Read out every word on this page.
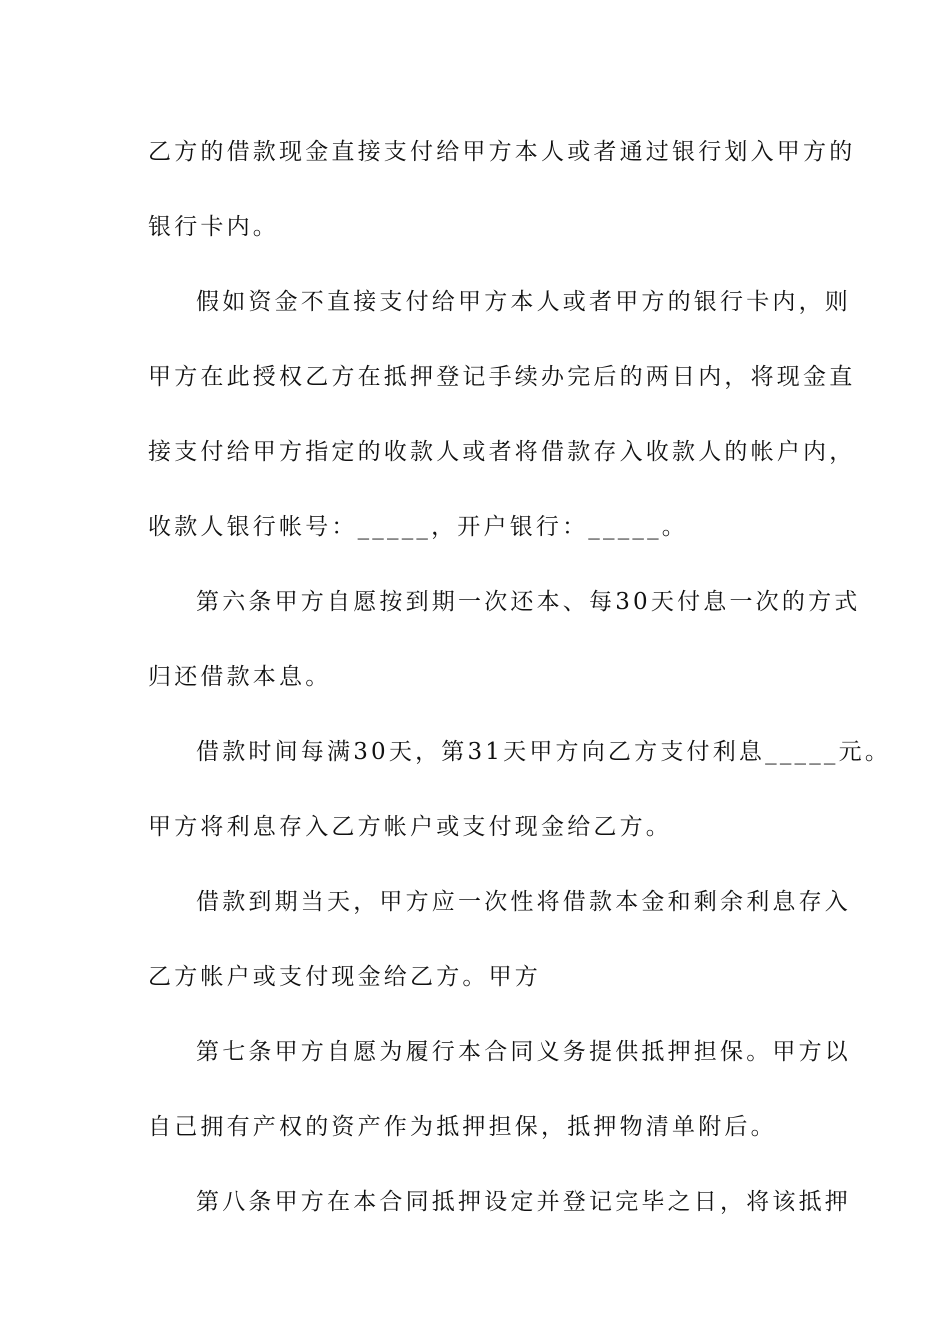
乙方的借款现金直接支付给甲方本人或者通过银行划入甲方的
银行卡内。
假如资金不直接支付给甲方本人或者甲方的银行卡内，则
甲方在此授权乙方在抵押登记手续办完后的两日内，将现金直
接支付给甲方指定的收款人或者将借款存入收款人的帐户内，
收款人银行帐号：_____，开户银行：_____。
第六条甲方自愿按到期一次还本、每30天付息一次的方式
归还借款本息。
借款时间每满30天，第31天甲方向乙方支付利息_____元。
甲方将利息存入乙方帐户或支付现金给乙方。
借款到期当天，甲方应一次性将借款本金和剩余利息存入
乙方帐户或支付现金给乙方。甲方
第七条甲方自愿为履行本合同义务提供抵押担保。甲方以
自己拥有产权的资产作为抵押担保，抵押物清单附后。
第八条甲方在本合同抵押设定并登记完毕之日，将该抵押
